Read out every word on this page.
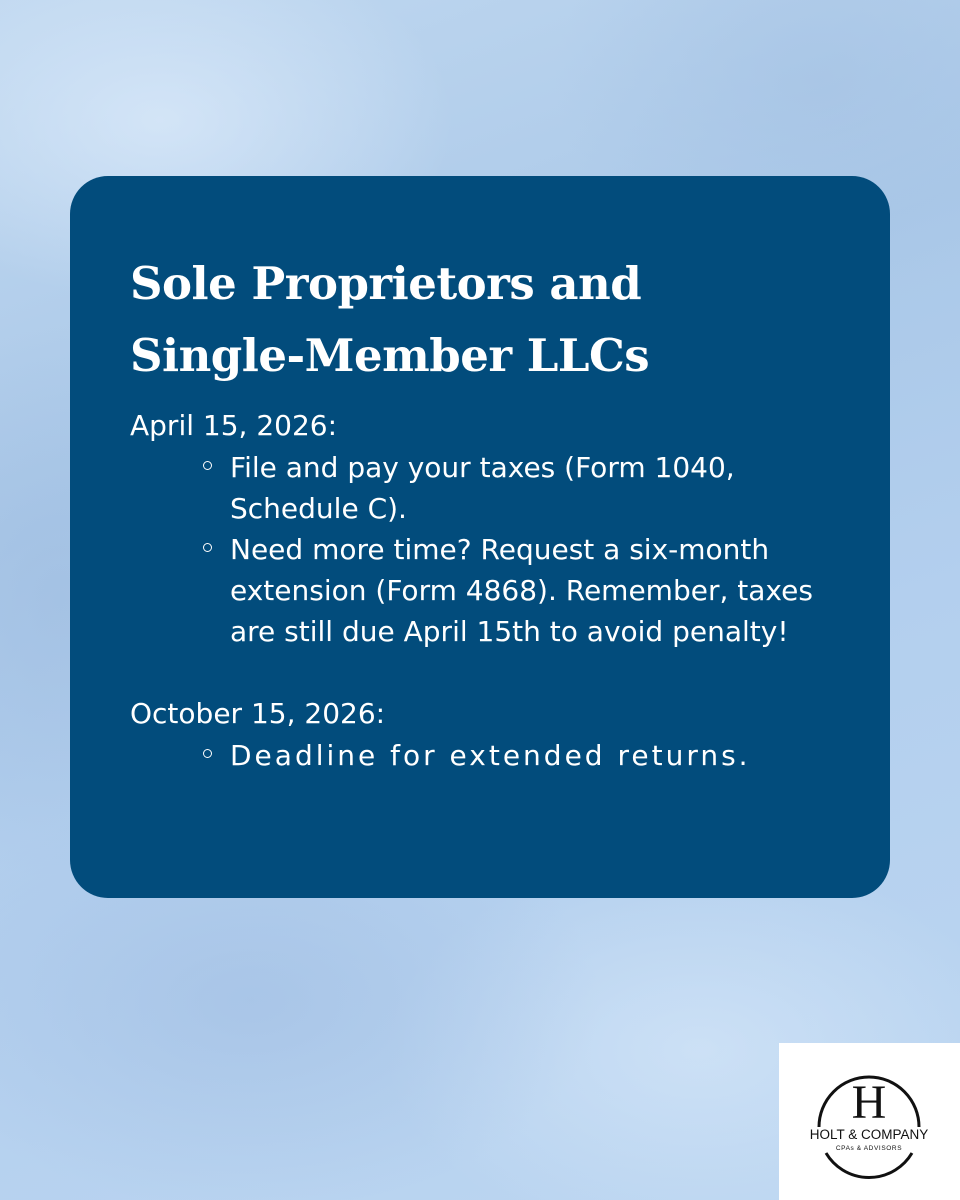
Sole Proprietors and Single-Member LLCs

April 15, 2026:

File and pay your taxes (Form 1040, Schedule C).
Need more time? Request a six-month extension (Form 4868). Remember, taxes are still due April 15th to avoid penalty!

October 15, 2026:

Deadline for extended returns.
H
HOLT & COMPANY
CPAs & ADVISORS
